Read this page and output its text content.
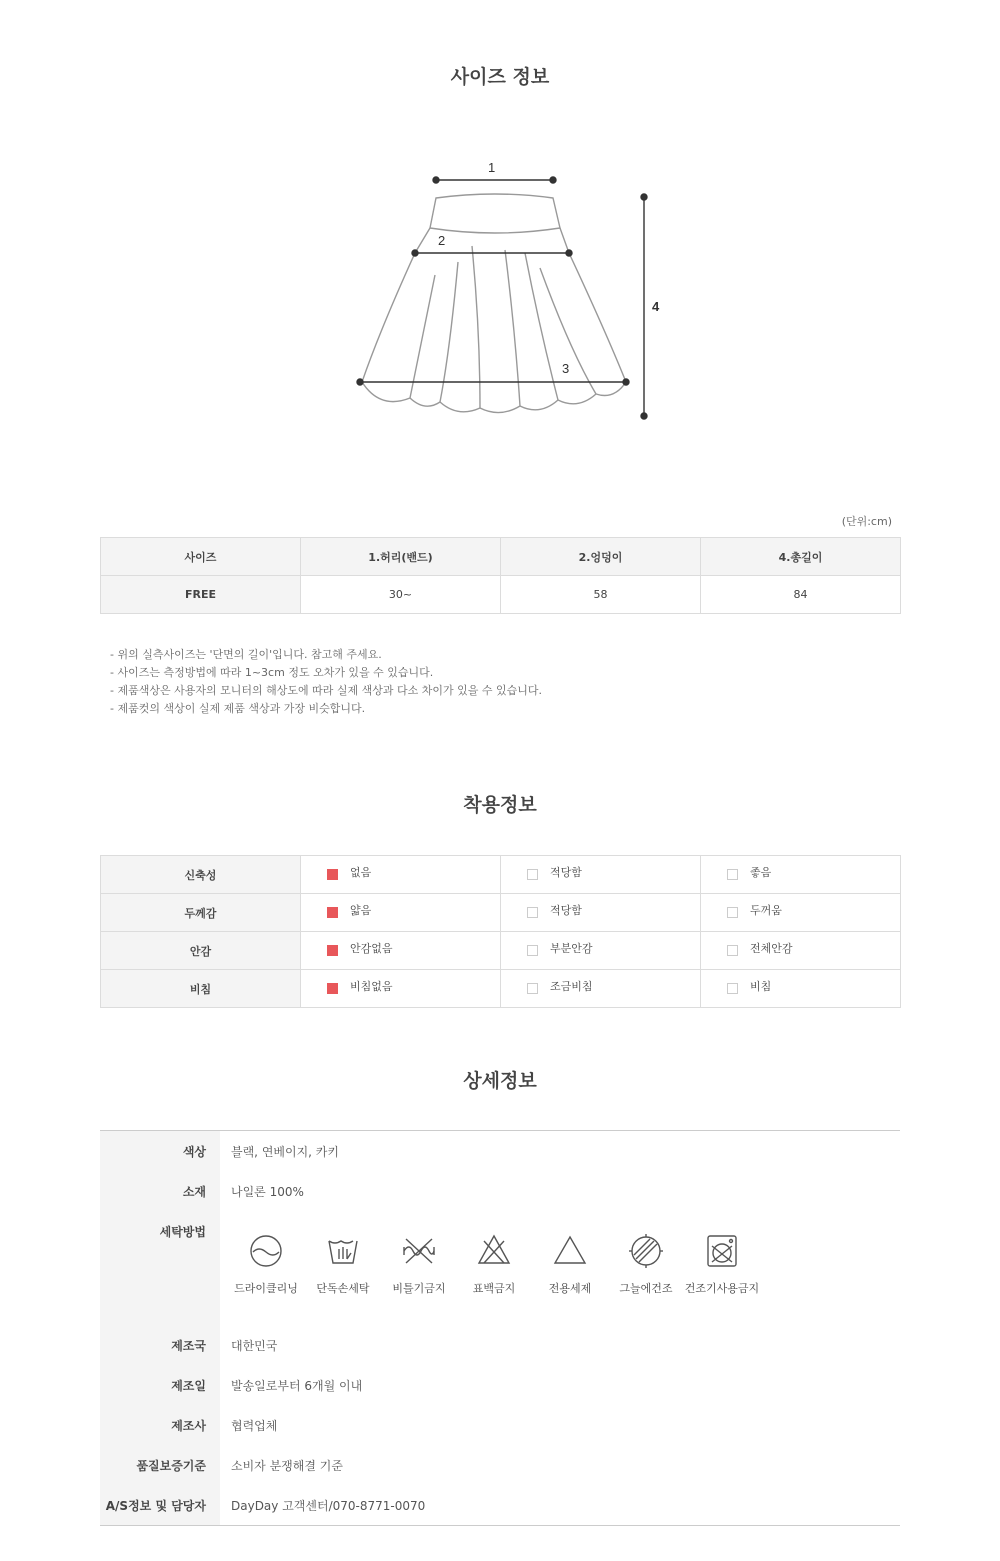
사이즈 정보
1
2
3
4
(단위:cm)
사이즈	1.허리(밴드)	2.엉덩이	4.총길이
FREE	30~	58	84
- 위의 실측사이즈는 '단면의 길이'입니다. 참고해 주세요.
- 사이즈는 측정방법에 따라 1~3cm 정도 오차가 있을 수 있습니다.
- 제품색상은 사용자의 모니터의 해상도에 따라 실제 색상과 다소 차이가 있을 수 있습니다.
- 제품컷의 색상이 실제 제품 색상과 가장 비슷합니다.
착용정보
신축성	없음	적당함	좋음
두께감	얇음	적당함	두꺼움
안감	안감없음	부분안감	전체안감
비침	비침없음	조금비침	비침
상세정보
색상 블랙, 연베이지, 카키
소재 나일론 100%
세탁방법
드라이클리닝	단독손세탁	비틀기금지	표백금지	전용세제	그늘에건조	건조기사용금지
제조국 대한민국
제조일 발송일로부터 6개월 이내
제조사 협력업체
품질보증기준 소비자 분쟁해결 기준
A/S정보 및 담당자 DayDay 고객센터/070-8771-0070
